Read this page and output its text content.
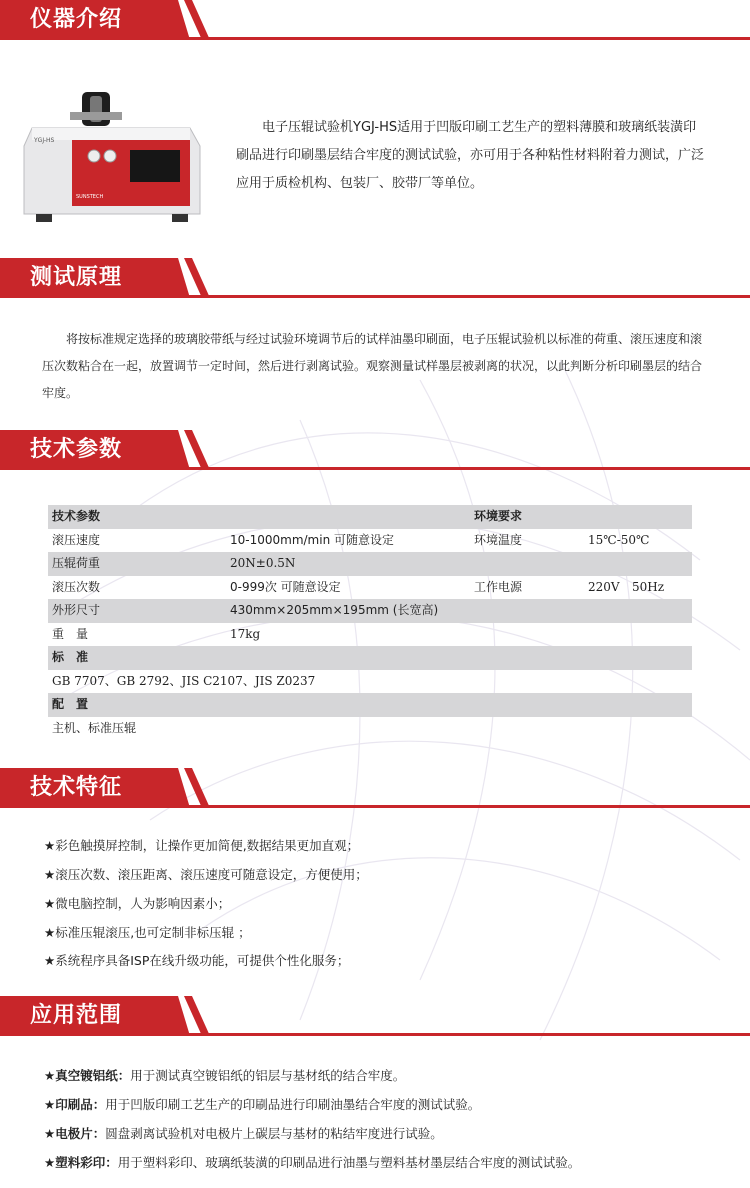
仪器介绍
YGJ-HS
SUNSTECH
电子压辊试验机YGJ-HS适用于凹版印刷工艺生产的塑料薄膜和玻璃纸装潢印刷品进行印刷墨层结合牢度的测试试验，亦可用于各种粘性材料附着力测试，广泛应用于质检机构、包装厂、胶带厂等单位。
测试原理
将按标准规定选择的玻璃胶带纸与经过试验环境调节后的试样油墨印刷面，电子压辊试验机以标准的荷重、滚压速度和滚压次数粘合在一起，放置调节一定时间，然后进行剥离试验。观察测量试样墨层被剥离的状况，以此判断分析印刷墨层的结合牢度。
技术参数
技术参数	环境要求
滚压速度	10-1000mm/min 可随意设定	环境温度	15℃-50℃
压辊荷重	20N±0.5N
滚压次数	0-999次 可随意设定	工作电源	220V 50Hz
外形尺寸	430mm×205mm×195mm (长宽高)
重　量	17kg
标　准
GB 7707、GB 2792、JIS C2107、JIS Z0237
配　置
主机、标准压辊
技术特征
★彩色触摸屏控制，让操作更加简便,数据结果更加直观；
★滚压次数、滚压距离、滚压速度可随意设定，方便使用；
★微电脑控制，人为影响因素小；
★标准压辊滚压,也可定制非标压辊 ；
★系统程序具备ISP在线升级功能，可提供个性化服务；
应用范围
★真空镀铝纸：用于测试真空镀铝纸的铝层与基材纸的结合牢度。
★印刷品：用于凹版印刷工艺生产的印刷品进行印刷油墨结合牢度的测试试验。
★电极片：圆盘剥离试验机对电极片上碳层与基材的粘结牢度进行试验。
★塑料彩印：用于塑料彩印、玻璃纸装潢的印刷品进行油墨与塑料基材墨层结合牢度的测试试验。
